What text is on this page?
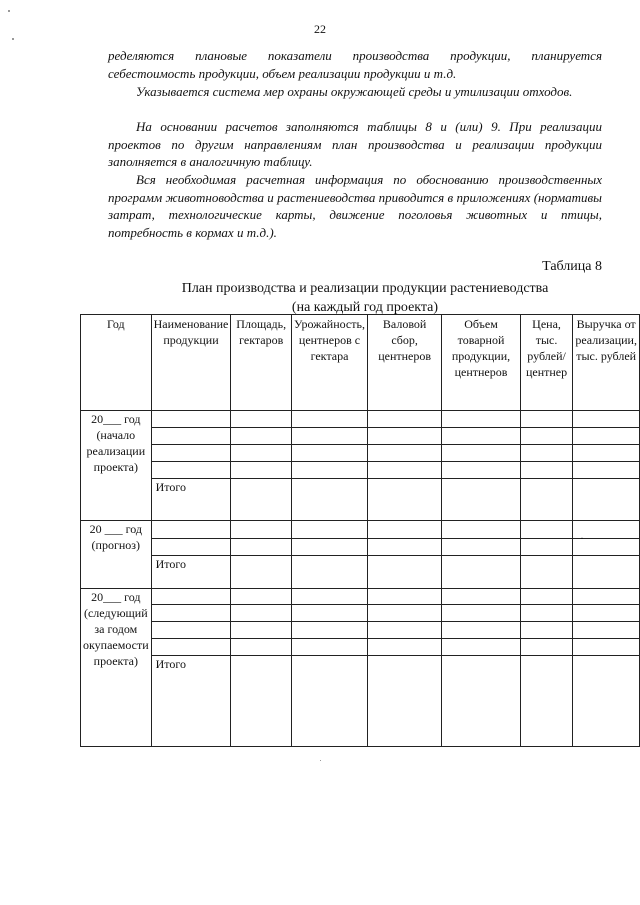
22

ределяются плановые показатели производства продукции, планируется себестоимость продукции, объем реализации продукции и т.д.

Указывается система мер охраны окружающей среды и утилизации отходов.

На основании расчетов заполняются таблицы 8 и (или) 9. При реализации проектов по другим направлениям план производства и реализации продукции заполняется в аналогичную таблицу.

Вся необходимая расчетная информация по обоснованию производственных программ животноводства и растениеводства приводится в приложениях (нормативы затрат, технологические карты, движение поголовья животных и птицы, потребность в кормах и т.д.).

Таблица 8
План производства и реализации продукции растениеводства
(на каждый год проекта)
Год	Наименование продукции	Площадь, гектаров	Урожайность, центнеров с гектара	Валовой сбор, центнеров	Объем товарной продукции, центнеров	Цена, тыс. рублей/ центнер	Выручка от реализации, тыс. рублей
20___ год (начало реализации проекта)							

	Итого						

20 ___ год (прогноз)							

	Итого						
20___ год (следующий за годом окупаемости проекта)							

	Итого						

·
